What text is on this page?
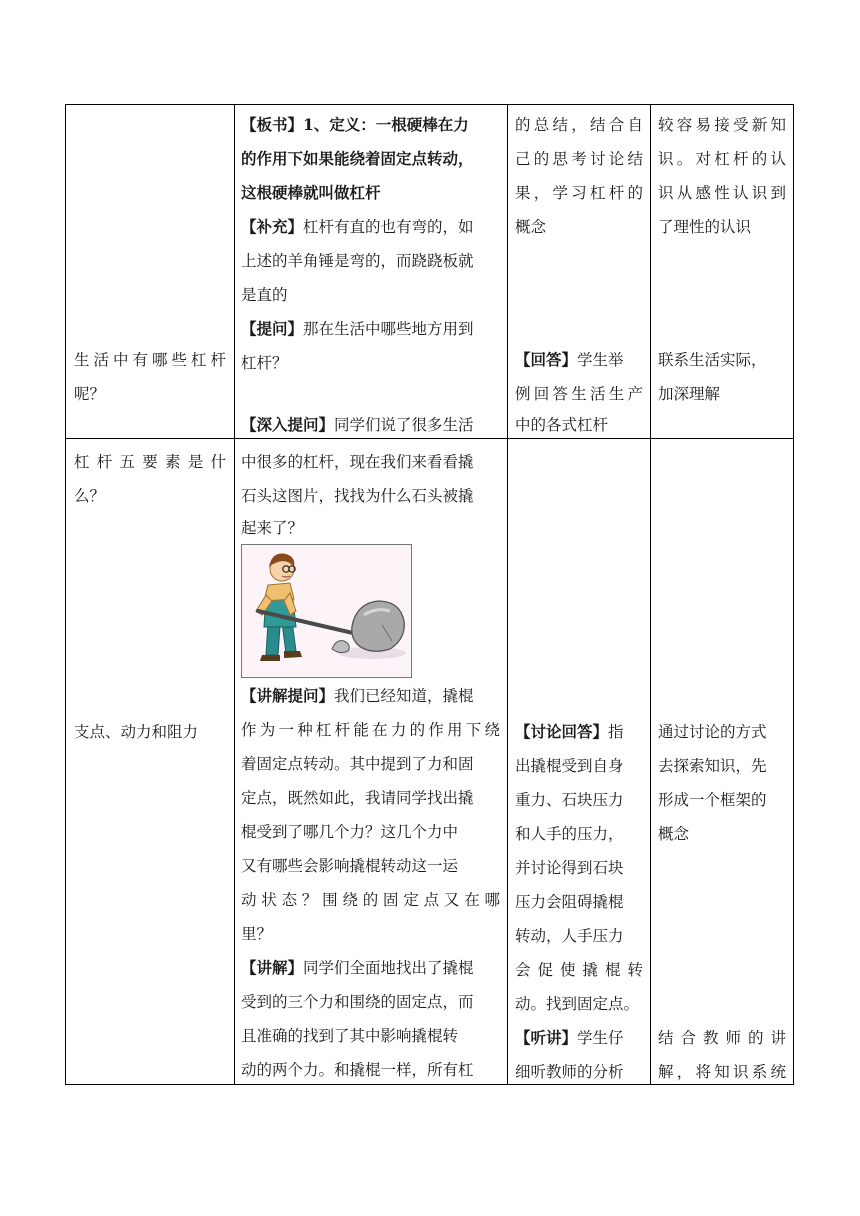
生活中有哪些杠杆
呢？
杠杆五要素是什
么？
支点、动力和阻力
【板书】1、定义：一根硬棒在力
的作用下如果能绕着固定点转动，
这根硬棒就叫做杠杆
【补充】杠杆有直的也有弯的，如
上述的羊角锤是弯的，而跷跷板就
是直的
【提问】那在生活中哪些地方用到
杠杆？
【深入提问】同学们说了很多生活
中很多的杠杆，现在我们来看看撬
石头这图片，找找为什么石头被撬
起来了？
【讲解提问】我们已经知道，撬棍
作为一种杠杆能在力的作用下绕
着固定点转动。其中提到了力和固
定点，既然如此，我请同学找出撬
棍受到了哪几个力？这几个力中
又有哪些会影响撬棍转动这一运
动状态？围绕的固定点又在哪
里？
【讲解】同学们全面地找出了撬棍
受到的三个力和围绕的固定点，而
且准确的找到了其中影响撬棍转
动的两个力。和撬棍一样，所有杠
的总结，结合自
己的思考讨论结
果，学习杠杆的
概念
【回答】学生举
例回答生活生产
中的各式杠杆
【讨论回答】指
出撬棍受到自身
重力、石块压力
和人手的压力，
并讨论得到石块
压力会阻碍撬棍
转动，人手压力
会促使撬棍转
动。找到固定点。
【听讲】学生仔
细听教师的分析
较容易接受新知
识。对杠杆的认
识从感性认识到
了理性的认识
联系生活实际，
加深理解
通过讨论的方式
去探索知识，先
形成一个框架的
概念
结合教师的讲
解，将知识系统
